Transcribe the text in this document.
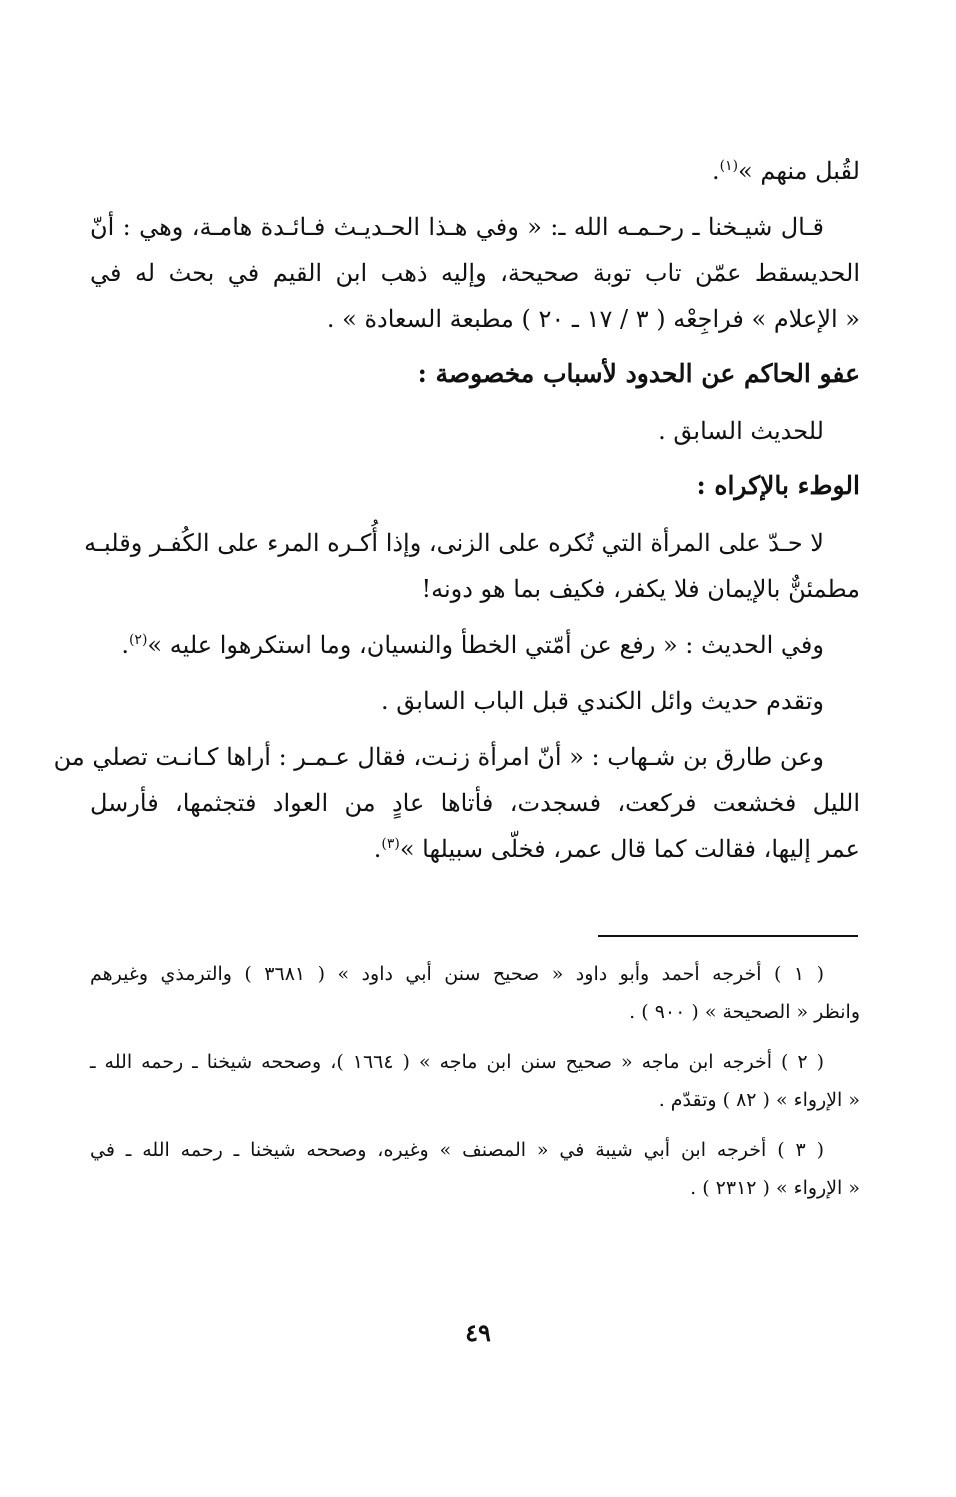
لقُبل منهم »$^{(١)}$.
قـال شيـخنا ـ رحـمـه الله ـ: « وفي هـذا الحـديـث فـائـدة هامـة، وهي : أنّ
الحديسقط عمّن تاب توبة صحيحة، وإليه ذهب ابن القيم في بحث له في
« الإعلام » فراجِعْه ( ٣ / ١٧ ـ ٢٠ ) مطبعة السعادة » .
عفو الحاكم عن الحدود لأسباب مخصوصة :
للحديث السابق .
الوطء بالإكراه :
لا حـدّ على المرأة التي تُكره على الزنى، وإذا أُكـره المرء على الكُفـر وقلبـه
مطمئنٌّ بالإيمان فلا يكفر، فكيف بما هو دونه!
وفي الحديث : « رفع عن أمّتي الخطأ والنسيان، وما استكرهوا عليه »$^{(٢)}$.
وتقدم حديث وائل الكندي قبل الباب السابق .
وعن طارق بن شـهاب : « أنّ امرأة زنـت، فقال عـمـر : أراها كـانـت تصلي من
الليل فخشعت فركعت، فسجدت، فأتاها عادٍ من العواد فتجثمها، فأرسل
عمر إليها، فقالت كما قال عمر، فخلّى سبيلها »$^{(٣)}$.
( ١ ) أخرجه أحمد وأبو داود « صحيح سنن أبي داود » ( ٣٦٨١ ) والترمذي وغيرهم
وانظر « الصحيحة » ( ٩٠٠ ) .
( ٢ ) أخرجه ابن ماجه « صحيح سنن ابن ماجه » ( ١٦٦٤ )، وصححه شيخنا ـ رحمه الله ـ
« الإرواء » ( ٨٢ ) وتقدّم .
( ٣ ) أخرجه ابن أبي شيبة في « المصنف » وغيره، وصححه شيخنا ـ رحمه الله ـ في
« الإرواء » ( ٢٣١٢ ) .
٤٩
